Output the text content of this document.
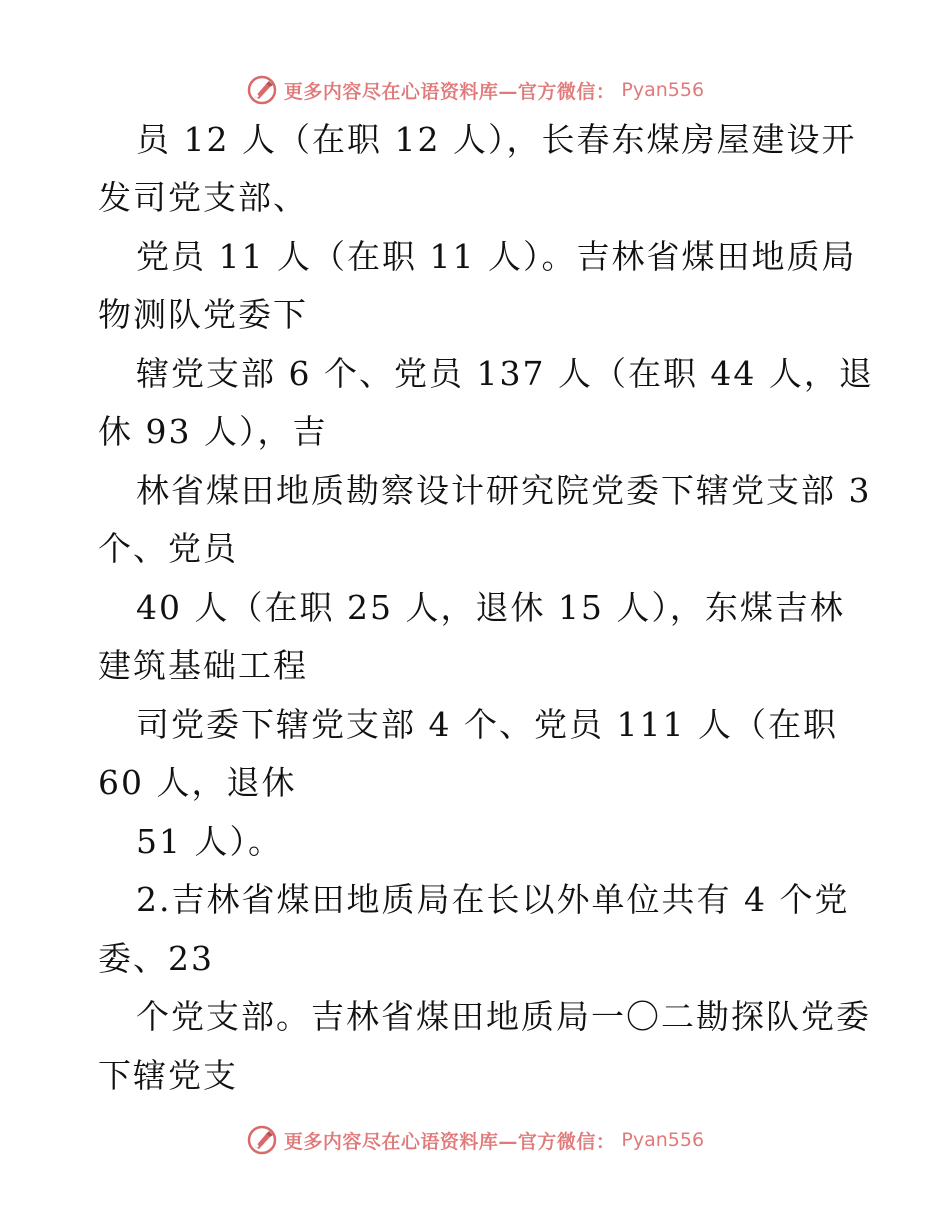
更多内容尽在心语资料库—官方微信： Pyan556
员 12 人（在职 12 人），长春东煤房屋建设开
发司党支部、
党员 11 人（在职 11 人）。吉林省煤田地质局
物测队党委下
辖党支部 6 个、党员 137 人（在职 44 人，退
休 93 人），吉
林省煤田地质勘察设计研究院党委下辖党支部 3
个、党员
40 人（在职 25 人，退休 15 人），东煤吉林
建筑基础工程
司党委下辖党支部 4 个、党员 111 人（在职
60 人，退休
51 人）。
2.吉林省煤田地质局在长以外单位共有 4 个党
委、23
个党支部。吉林省煤田地质局一〇二勘探队党委
下辖党支
更多内容尽在心语资料库—官方微信： Pyan556
